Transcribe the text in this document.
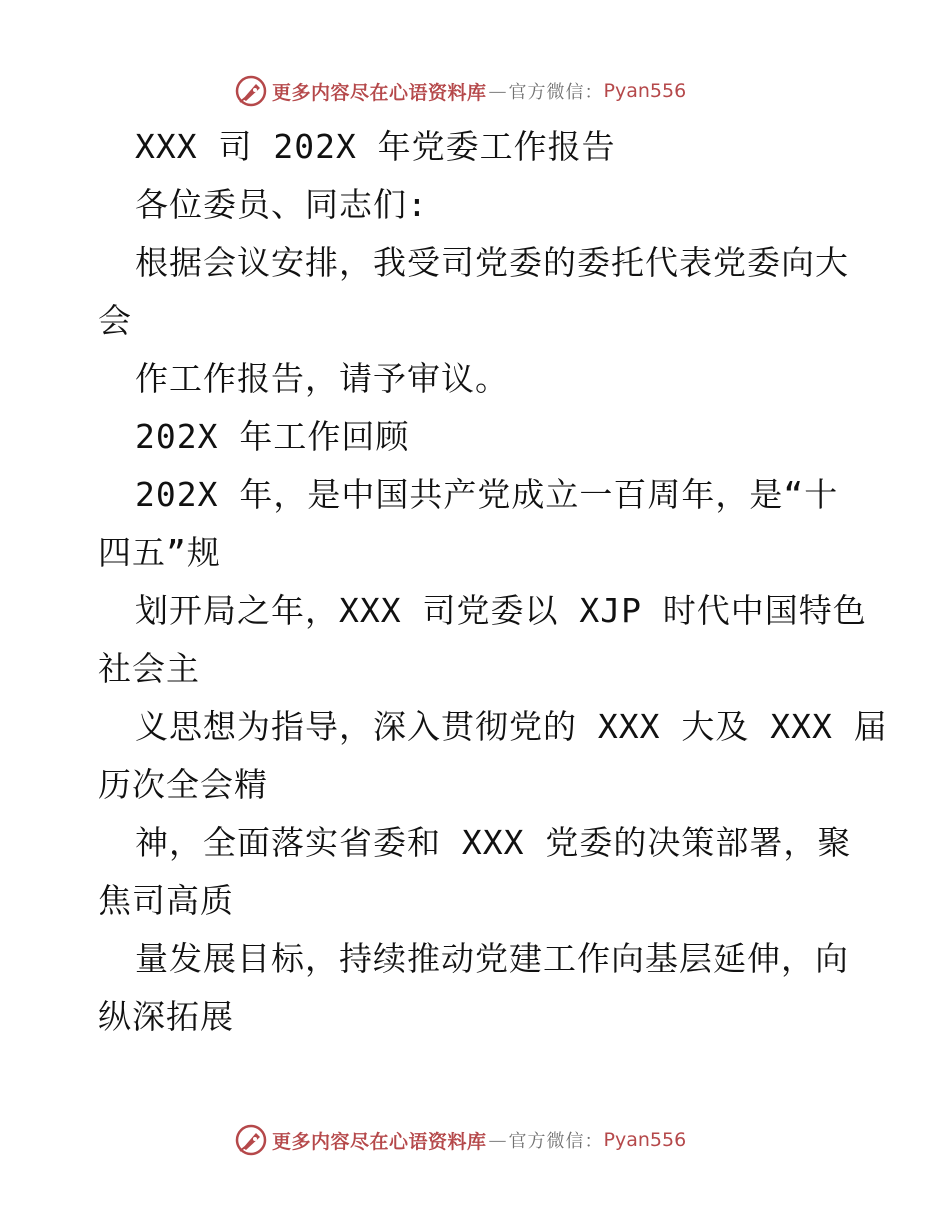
更多内容尽在心语资料库 — 官方微信： Pyan556
XXX 司 202X 年党委工作报告
各位委员、同志们:
根据会议安排，我受司党委的委托代表党委向大
会
作工作报告，请予审议。
202X 年工作回顾
202X 年，是中国共产党成立一百周年，是“十
四五”规
划开局之年，XXX 司党委以 XJP 时代中国特色
社会主
义思想为指导，深入贯彻党的 XXX 大及 XXX 届
历次全会精
神，全面落实省委和 XXX 党委的决策部署，聚
焦司高质
量发展目标，持续推动党建工作向基层延伸，向
纵深拓展
更多内容尽在心语资料库 — 官方微信： Pyan556
